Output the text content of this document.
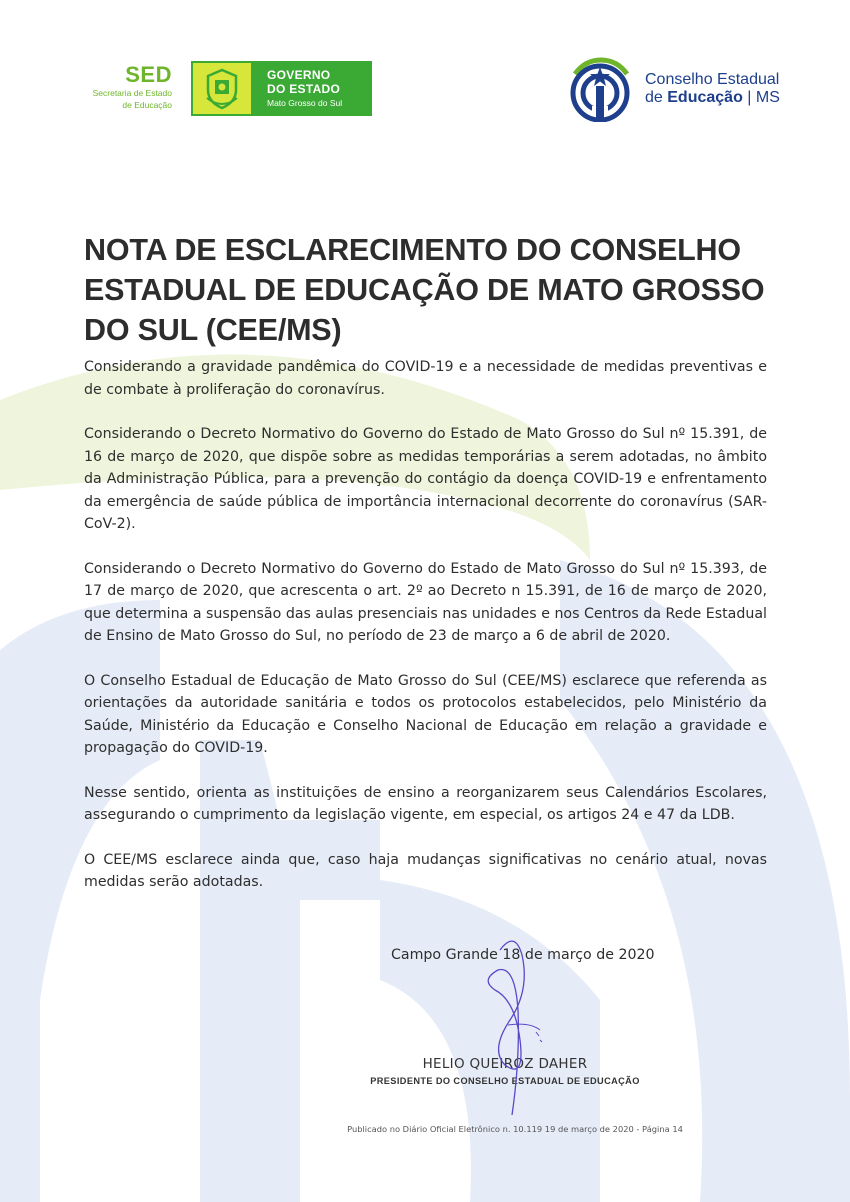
SED
Secretaria de Estado
de Educação
GOVERNO
DO ESTADO
Mato Grosso do Sul
Conselho Estadual
de Educação | MS
NOTA DE ESCLARECIMENTO DO CONSELHO ESTADUAL DE EDUCAÇÃO DE MATO GROSSO DO SUL (CEE/MS)

Considerando a gravidade pandêmica do COVID-19 e a necessidade de medidas preventivas e de combate à proliferação do coronavírus.

Considerando o Decreto Normativo do Governo do Estado de Mato Grosso do Sul nº 15.391, de 16 de março de 2020, que dispõe sobre as medidas temporárias a serem adotadas, no âmbito da Administração Pública, para a prevenção do contágio da doença COVID-19 e enfrentamento da emergência de saúde pública de importância internacional decorrente do coronavírus (SAR-CoV-2).

Considerando o Decreto Normativo do Governo do Estado de Mato Grosso do Sul nº 15.393, de 17 de março de 2020, que acrescenta o art. 2º ao Decreto n 15.391, de 16 de março de 2020, que determina a suspensão das aulas presenciais nas unidades e nos Centros da Rede Estadual de Ensino de Mato Grosso do Sul, no período de 23 de março a 6 de abril de 2020.

O Conselho Estadual de Educação de Mato Grosso do Sul (CEE/MS) esclarece que referenda as orientações da autoridade sanitária e todos os protocolos estabelecidos, pelo Ministério da Saúde, Ministério da Educação e Conselho Nacional de Educação em relação a gravidade e propagação do COVID-19.

Nesse sentido, orienta as instituições de ensino a reorganizarem seus Calendários Escolares, assegurando o cumprimento da legislação vigente, em especial, os artigos 24 e 47 da LDB.

O CEE/MS esclarece ainda que, caso haja mudanças significativas no cenário atual, novas medidas serão adotadas.

Campo Grande 18 de março de 2020
HELIO QUEIROZ DAHER
PRESIDENTE DO CONSELHO ESTADUAL DE EDUCAÇÃO
Publicado no Diário Oficial Eletrônico n. 10.119 19 de março de 2020 - Página 14
